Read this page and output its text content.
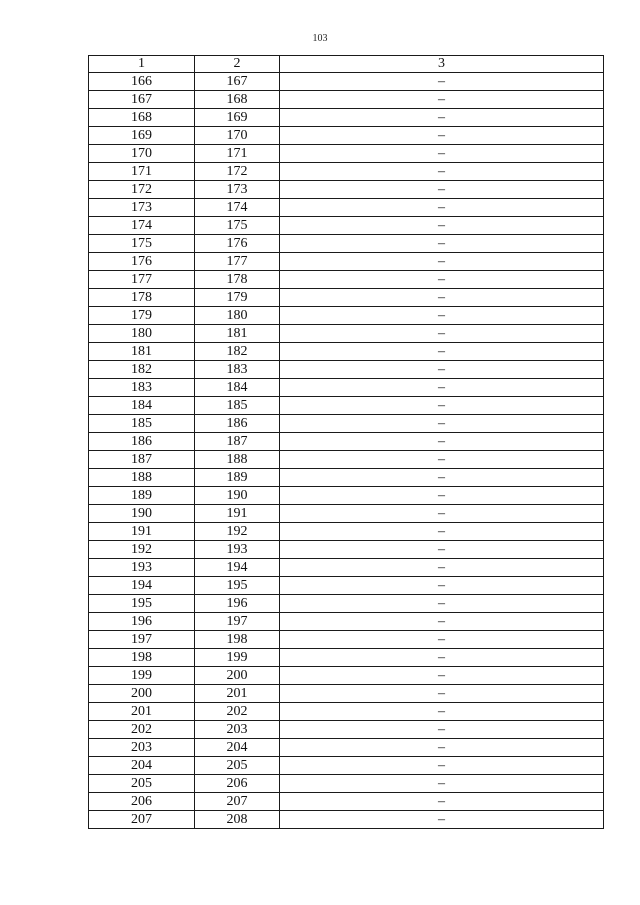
103
1	2	3
166	167	–
167	168	–
168	169	–
169	170	–
170	171	–
171	172	–
172	173	–
173	174	–
174	175	–
175	176	–
176	177	–
177	178	–
178	179	–
179	180	–
180	181	–
181	182	–
182	183	–
183	184	–
184	185	–
185	186	–
186	187	–
187	188	–
188	189	–
189	190	–
190	191	–
191	192	–
192	193	–
193	194	–
194	195	–
195	196	–
196	197	–
197	198	–
198	199	–
199	200	–
200	201	–
201	202	–
202	203	–
203	204	–
204	205	–
205	206	–
206	207	–
207	208	–
